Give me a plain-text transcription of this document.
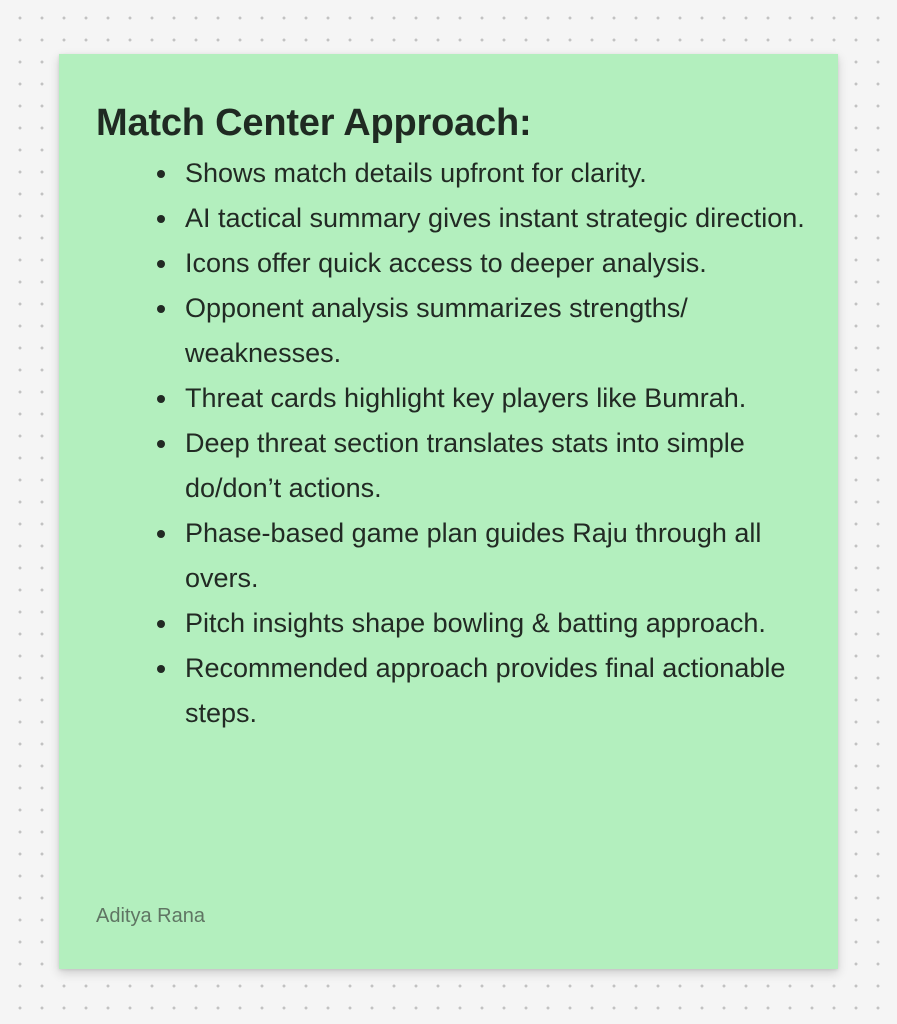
Match Center Approach:
Shows match details upfront for clarity.
AI tactical summary gives instant strategic direction.
Icons offer quick access to deeper analysis.
Opponent analysis summarizes strengths/ weaknesses.
Threat cards highlight key players like Bumrah.
Deep threat section translates stats into simple do/don’t actions.
Phase-based game plan guides Raju through all overs.
Pitch insights shape bowling & batting approach.
Recommended approach provides final actionable steps.
Aditya Rana
